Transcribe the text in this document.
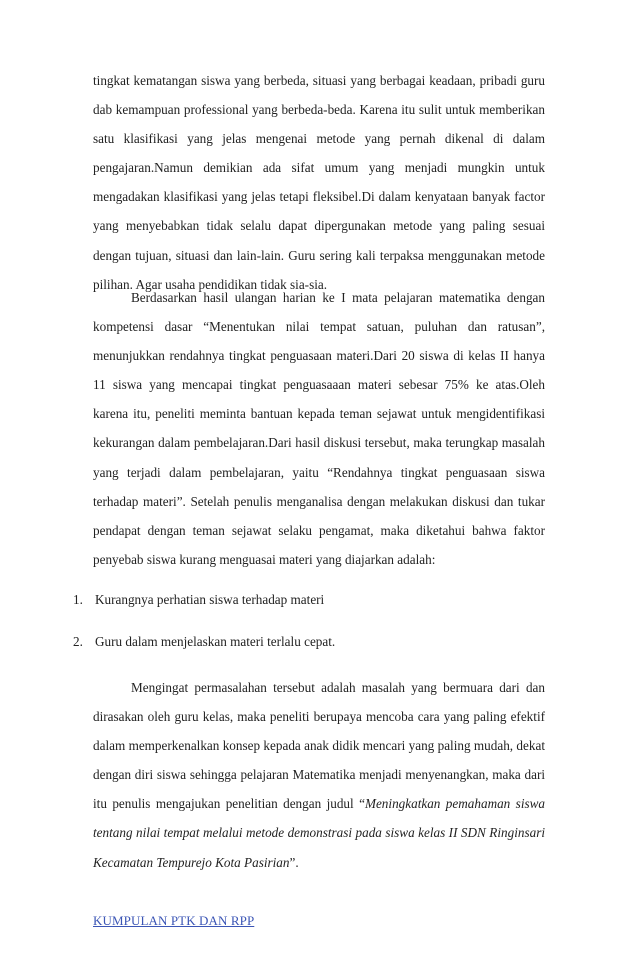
tingkat kematangan siswa yang berbeda, situasi yang berbagai keadaan, pribadi guru dab kemampuan professional yang berbeda-beda. Karena itu sulit untuk memberikan satu klasifikasi yang jelas mengenai metode yang pernah dikenal di dalam pengajaran.Namun demikian ada sifat umum yang menjadi mungkin untuk mengadakan klasifikasi yang jelas tetapi fleksibel.Di dalam kenyataan banyak factor yang menyebabkan tidak selalu dapat dipergunakan metode yang paling sesuai dengan tujuan, situasi dan lain-lain. Guru sering kali terpaksa menggunakan metode pilihan. Agar usaha pendidikan tidak sia-sia.

Berdasarkan hasil ulangan harian ke I mata pelajaran matematika dengan kompetensi dasar “Menentukan nilai tempat satuan, puluhan dan ratusan”, menunjukkan rendahnya tingkat penguasaan materi.Dari 20 siswa di kelas II hanya 11 siswa yang mencapai tingkat penguasaaan materi sebesar 75% ke atas.Oleh karena itu, peneliti meminta bantuan kepada teman sejawat untuk mengidentifikasi kekurangan dalam pembelajaran.Dari hasil diskusi tersebut, maka terungkap masalah yang terjadi dalam pembelajaran, yaitu “Rendahnya tingkat penguasaan siswa terhadap materi”. Setelah penulis menganalisa dengan melakukan diskusi dan tukar pendapat dengan teman sejawat selaku pengamat, maka diketahui bahwa faktor penyebab siswa kurang menguasai materi yang diajarkan adalah:

1. Kurangnya perhatian siswa terhadap materi

2. Guru dalam menjelaskan materi terlalu cepat.

Mengingat permasalahan tersebut adalah masalah yang bermuara dari dan dirasakan oleh guru kelas, maka peneliti berupaya mencoba cara yang paling efektif dalam memperkenalkan konsep kepada anak didik mencari yang paling mudah, dekat dengan diri siswa sehingga pelajaran Matematika menjadi menyenangkan, maka dari itu penulis mengajukan penelitian dengan judul “Meningkatkan pemahaman siswa tentang nilai tempat melalui metode demonstrasi pada siswa kelas II SDN Ringinsari Kecamatan Tempurejo Kota Pasirian”.

KUMPULAN PTK DAN RPP
